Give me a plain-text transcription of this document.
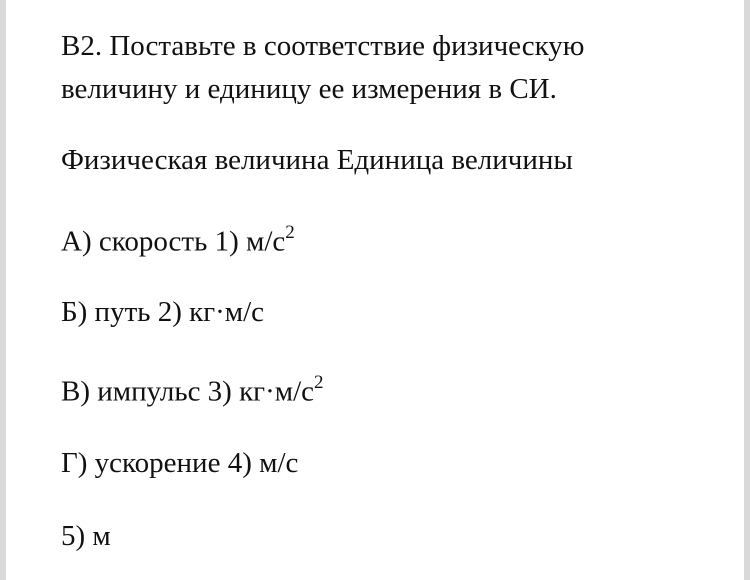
В2. Поставьте в соответствие физическую
величину и единицу ее измерения в СИ.
Физическая величина Единица величины
А) скорость 1) $м/с^2$
Б) путь 2) кг·м/с
В) импульс 3) $кг\cdot м/с^2$
Г) ускорение 4) м/с
5) м
